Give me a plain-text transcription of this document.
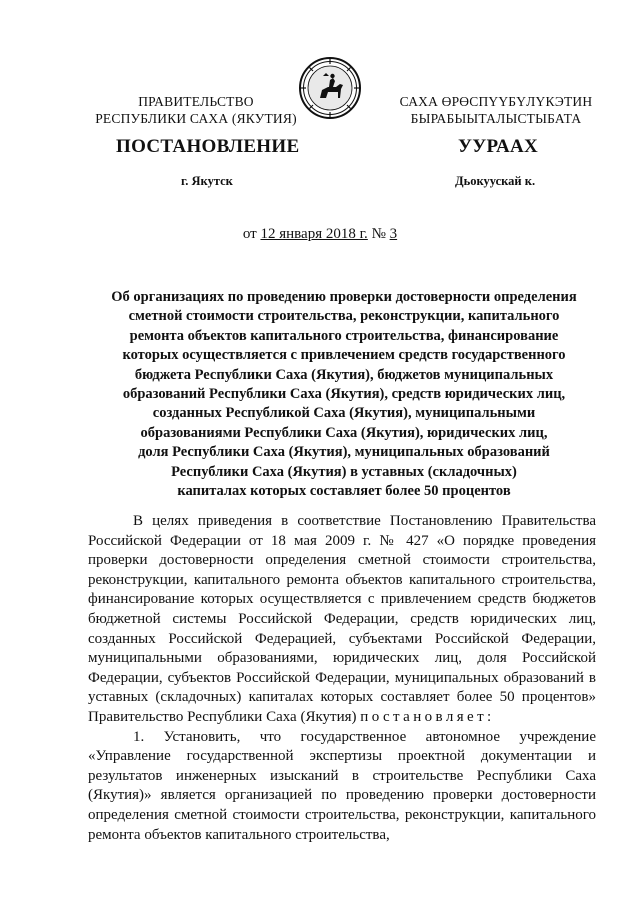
ПРАВИТЕЛЬСТВО
РЕСПУБЛИКИ САХА (ЯКУТИЯ)
САХА ӨРӨСПҮҮБҮЛҮКЭТИН
БЫРАБЫЫТАЛЫСТЫБАТА
ПОСТАНОВЛЕНИЕ	УУРААХ
г. Якутск	Дьокуускай к.
от 12 января 2018 г. № 3
Об организациях по проведению проверки достоверности определения
сметной стоимости строительства, реконструкции, капитального
ремонта объектов капитального строительства, финансирование
которых осуществляется с привлечением средств государственного
бюджета Республики Саха (Якутия), бюджетов муниципальных
образований Республики Саха (Якутия), средств юридических лиц,
созданных Республикой Саха (Якутия), муниципальными
образованиями Республики Саха (Якутия), юридических лиц,
доля Республики Саха (Якутия), муниципальных образований
Республики Саха (Якутия) в уставных (складочных)
капиталах которых составляет более 50 процентов

В целях приведения в соответствие Постановлению Правительства Российской Федерации от 18 мая 2009 г. № 427 «О порядке проведения проверки достоверности определения сметной стоимости строительства, реконструкции, капитального ремонта объектов капитального строительства, финансирование которых осуществляется с привлечением средств бюджетов бюджетной системы Российской Федерации, средств юридических лиц, созданных Российской Федерацией, субъектами Российской Федерации, муниципальными образованиями, юридических лиц, доля Российской Федерации, субъектов Российской Федерации, муниципальных образований в уставных (складочных) капиталах которых составляет более 50 процентов» Правительство Республики Саха (Якутия) постановляет:

1. Установить, что государственное автономное учреждение «Управление государственной экспертизы проектной документации и результатов инженерных изысканий в строительстве Республики Саха (Якутия)» является организацией по проведению проверки достоверности определения сметной стоимости строительства, реконструкции, капитального ремонта объектов капитального строительства,
